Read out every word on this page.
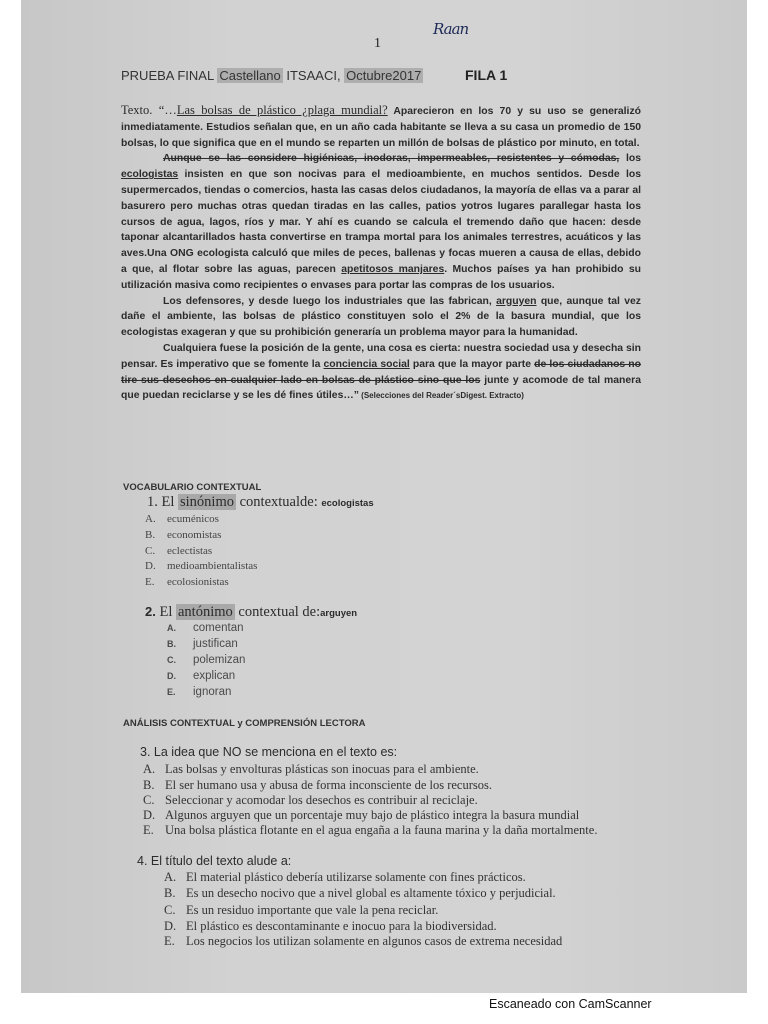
1
Raan
PRUEBA FINAL Castellano ITSAACI, Octubre2017	FILA 1

Texto. “…Las bolsas de plástico ¿plaga mundial? Aparecieron en los 70 y su uso se generalizó inmediatamente. Estudios señalan que, en un año cada habitante se lleva a su casa un promedio de 150 bolsas, lo que significa que en el mundo se reparten un millón de bolsas de plástico por minuto, en total.

Aunque se las considere higiénicas, inodoras, impermeables, resistentes y cómodas, los ecologistas insisten en que son nocivas para el medioambiente, en muchos sentidos. Desde los supermercados, tiendas o comercios, hasta las casas delos ciudadanos, la mayoría de ellas va a parar al basurero pero muchas otras quedan tiradas en las calles, patios yotros lugares parallegar hasta los cursos de agua, lagos, ríos y mar. Y ahí es cuando se calcula el tremendo daño que hacen: desde taponar alcantarillados hasta convertirse en trampa mortal para los animales terrestres, acuáticos y las aves.Una ONG ecologista calculó que miles de peces, ballenas y focas mueren a causa de ellas, debido a que, al flotar sobre las aguas, parecen apetitosos manjares. Muchos países ya han prohibido su utilización masiva como recipientes o envases para portar las compras de los usuarios.

Los defensores, y desde luego los industriales que las fabrican, arguyen que, aunque tal vez dañe el ambiente, las bolsas de plástico constituyen solo el 2% de la basura mundial, que los ecologistas exageran y que su prohibición generaría un problema mayor para la humanidad.

Cualquiera fuese la posición de la gente, una cosa es cierta: nuestra sociedad usa y desecha sin pensar. Es imperativo que se fomente la conciencia social para que la mayor parte de los ciudadanos no tire sus desechos en cualquier lado en bolsas de plástico sino que los junte y acomode de tal manera que puedan reciclarse y se les dé fines útiles…” (Selecciones del Reader´sDigest. Extracto)

VOCABULARIO CONTEXTUAL
1. El sinónimo contextualde: ecologistas
A. ecuménicos
B. economistas
C. eclectistas
D. medioambientalistas
E. ecolosionistas
2. El antónimo contextual de:arguyen
A. comentan
B. justifican
C. polemizan
D. explican
E. ignoran
ANÁLISIS CONTEXTUAL y COMPRENSIÓN LECTORA
3. La idea que NO se menciona en el texto es:
A. Las bolsas y envolturas plásticas son inocuas para el ambiente.
B. El ser humano usa y abusa de forma inconsciente de los recursos.
C. Seleccionar y acomodar los desechos es contribuir al reciclaje.
D. Algunos arguyen que un porcentaje muy bajo de plástico integra la basura mundial
E. Una bolsa plástica flotante en el agua engaña a la fauna marina y la daña mortalmente.
4. El título del texto alude a:
A. El material plástico debería utilizarse solamente con fines prácticos.
B. Es un desecho nocivo que a nivel global es altamente tóxico y perjudicial.
C. Es un residuo importante que vale la pena reciclar.
D. El plástico es descontaminante e inocuo para la biodiversidad.
E. Los negocios los utilizan solamente en algunos casos de extrema necesidad
Escaneado con CamScanner
